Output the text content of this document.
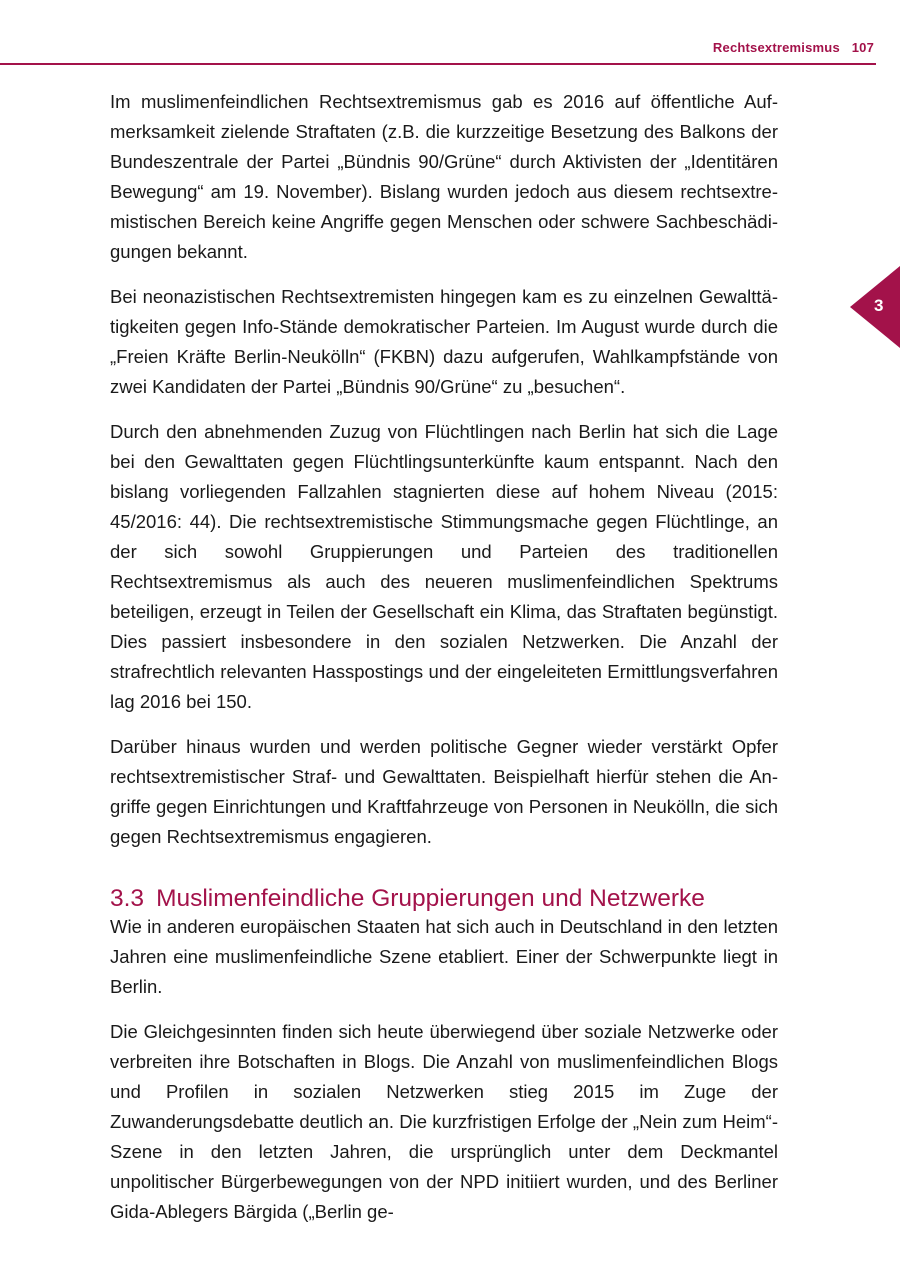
Rechtsextremismus 107
3

Im muslimenfeindlichen Rechtsextremismus gab es 2016 auf öffentliche Aufmerksamkeit zielende Straftaten (z.B. die kurzzeitige Besetzung des Balkons der Bundeszentrale der Partei „Bündnis 90/Grüne“ durch Aktivisten der „Identitären Bewegung“ am 19. November). Bislang wurden jedoch aus diesem rechtsextremistischen Bereich keine Angriffe gegen Menschen oder schwere Sachbeschädigungen bekannt.

Bei neonazistischen Rechtsextremisten hingegen kam es zu einzelnen Gewalttätigkeiten gegen Info-Stände demokratischer Parteien. Im August wurde durch die „Freien Kräfte Berlin-Neukölln“ (FKBN) dazu aufgerufen, Wahlkampfstände von zwei Kandidaten der Partei „Bündnis 90/Grüne“ zu „besuchen“.

Durch den abnehmenden Zuzug von Flüchtlingen nach Berlin hat sich die Lage bei den Gewalttaten gegen Flüchtlingsunterkünfte kaum entspannt. Nach den bislang vorliegenden Fallzahlen stagnierten diese auf hohem Niveau (2015: 45/2016: 44). Die rechtsextremistische Stimmungsmache gegen Flüchtlinge, an der sich sowohl Gruppierungen und Parteien des traditionellen Rechtsextremismus als auch des neueren muslimenfeindlichen Spektrums beteiligen, erzeugt in Teilen der Gesellschaft ein Klima, das Straftaten begünstigt. Dies passiert insbesondere in den sozialen Netzwerken. Die Anzahl der strafrechtlich relevanten Hasspostings und der eingeleiteten Ermittlungsverfahren lag 2016 bei 150.

Darüber hinaus wurden und werden politische Gegner wieder verstärkt Opfer rechtsextremistischer Straf- und Gewalttaten. Beispielhaft hierfür stehen die Angriffe gegen Einrichtungen und Kraftfahrzeuge von Personen in Neukölln, die sich gegen Rechtsextremismus engagieren.

3.3 Muslimenfeindliche Gruppierungen und Netzwerke

Wie in anderen europäischen Staaten hat sich auch in Deutschland in den letzten Jahren eine muslimenfeindliche Szene etabliert. Einer der Schwerpunkte liegt in Berlin.

Die Gleichgesinnten finden sich heute überwiegend über soziale Netzwerke oder verbreiten ihre Botschaften in Blogs. Die Anzahl von muslimenfeindlichen Blogs und Profilen in sozialen Netzwerken stieg 2015 im Zuge der Zuwanderungsdebatte deutlich an. Die kurzfristigen Erfolge der „Nein zum Heim“-Szene in den letzten Jahren, die ursprünglich unter dem Deckmantel unpolitischer Bürgerbewegungen von der NPD initiiert wurden, und des Berliner Gida-Ablegers Bärgida („Berlin ge-
